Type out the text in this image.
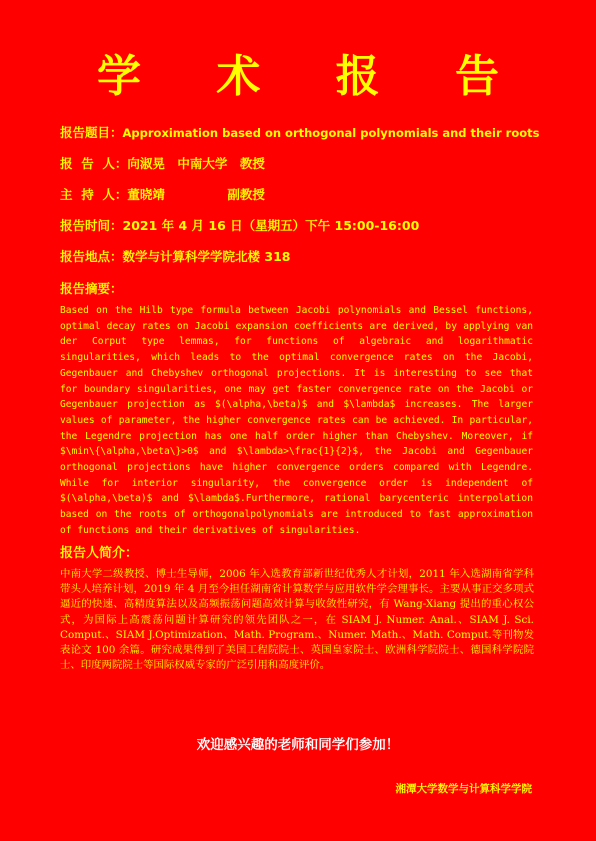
学 术 报 告
报告题目：Approximation based on orthogonal polynomials and their roots
报  告  人：向淑晃　中南大学　教授
主  持  人：董晓靖　　　　　副教授
报告时间：2021 年 4 月 16 日（星期五）下午 15:00-16:00
报告地点：数学与计算科学学院北楼 318
报告摘要：
Based on the Hilb type formula between Jacobi polynomials and Bessel functions, optimal decay rates on Jacobi expansion coefficients are derived, by applying van der Corput type lemmas, for functions of algebraic and logarithmatic singularities, which leads to the optimal convergence rates on the Jacobi, Gegenbauer and Chebyshev orthogonal projections. It is interesting to see that for boundary singularities, one may get faster convergence rate on the Jacobi or Gegenbauer projection as $(\alpha,\beta)$ and $\lambda$ increases. The larger values of parameter, the higher convergence rates can be achieved. In particular, the Legendre projection has one half order higher than Chebyshev. Moreover, if $\min\{\alpha,\beta\}>0$ and $\lambda>\frac{1}{2}$, the Jacobi and Gegenbauer orthogonal projections have higher convergence orders compared with Legendre. While for interior singularity, the convergence order is independent of $(\alpha,\beta)$ and $\lambda$.Furthermore, rational barycenteric interpolation based on the roots of orthogonalpolynomials are introduced to fast approximation of functions and their derivatives of singularities.
报告人简介：
中南大学二级教授、博士生导师，2006 年入选教育部新世纪优秀人才计划，2011 年入选湖南省学科带头人培养计划，2019 年 4 月至今担任湖南省计算数学与应用软件学会理事长。主要从事正交多项式逼近的快速、高精度算法以及高频振荡问题高效计算与收敛性研究，有 Wang-Xiang 提出的重心权公式，为国际上高震荡问题计算研究的领先团队之一，在 SIAM J. Numer. Anal.、SIAM J. Sci. Comput.、SIAM J.Optimization、Math. Program.、Numer. Math.、Math. Comput.等刊物发表论文 100 余篇。研究成果得到了美国工程院院士、英国皇家院士、欧洲科学院院士、德国科学院院士、印度两院院士等国际权威专家的广泛引用和高度评价。
欢迎感兴趣的老师和同学们参加！
湘潭大学数学与计算科学学院
